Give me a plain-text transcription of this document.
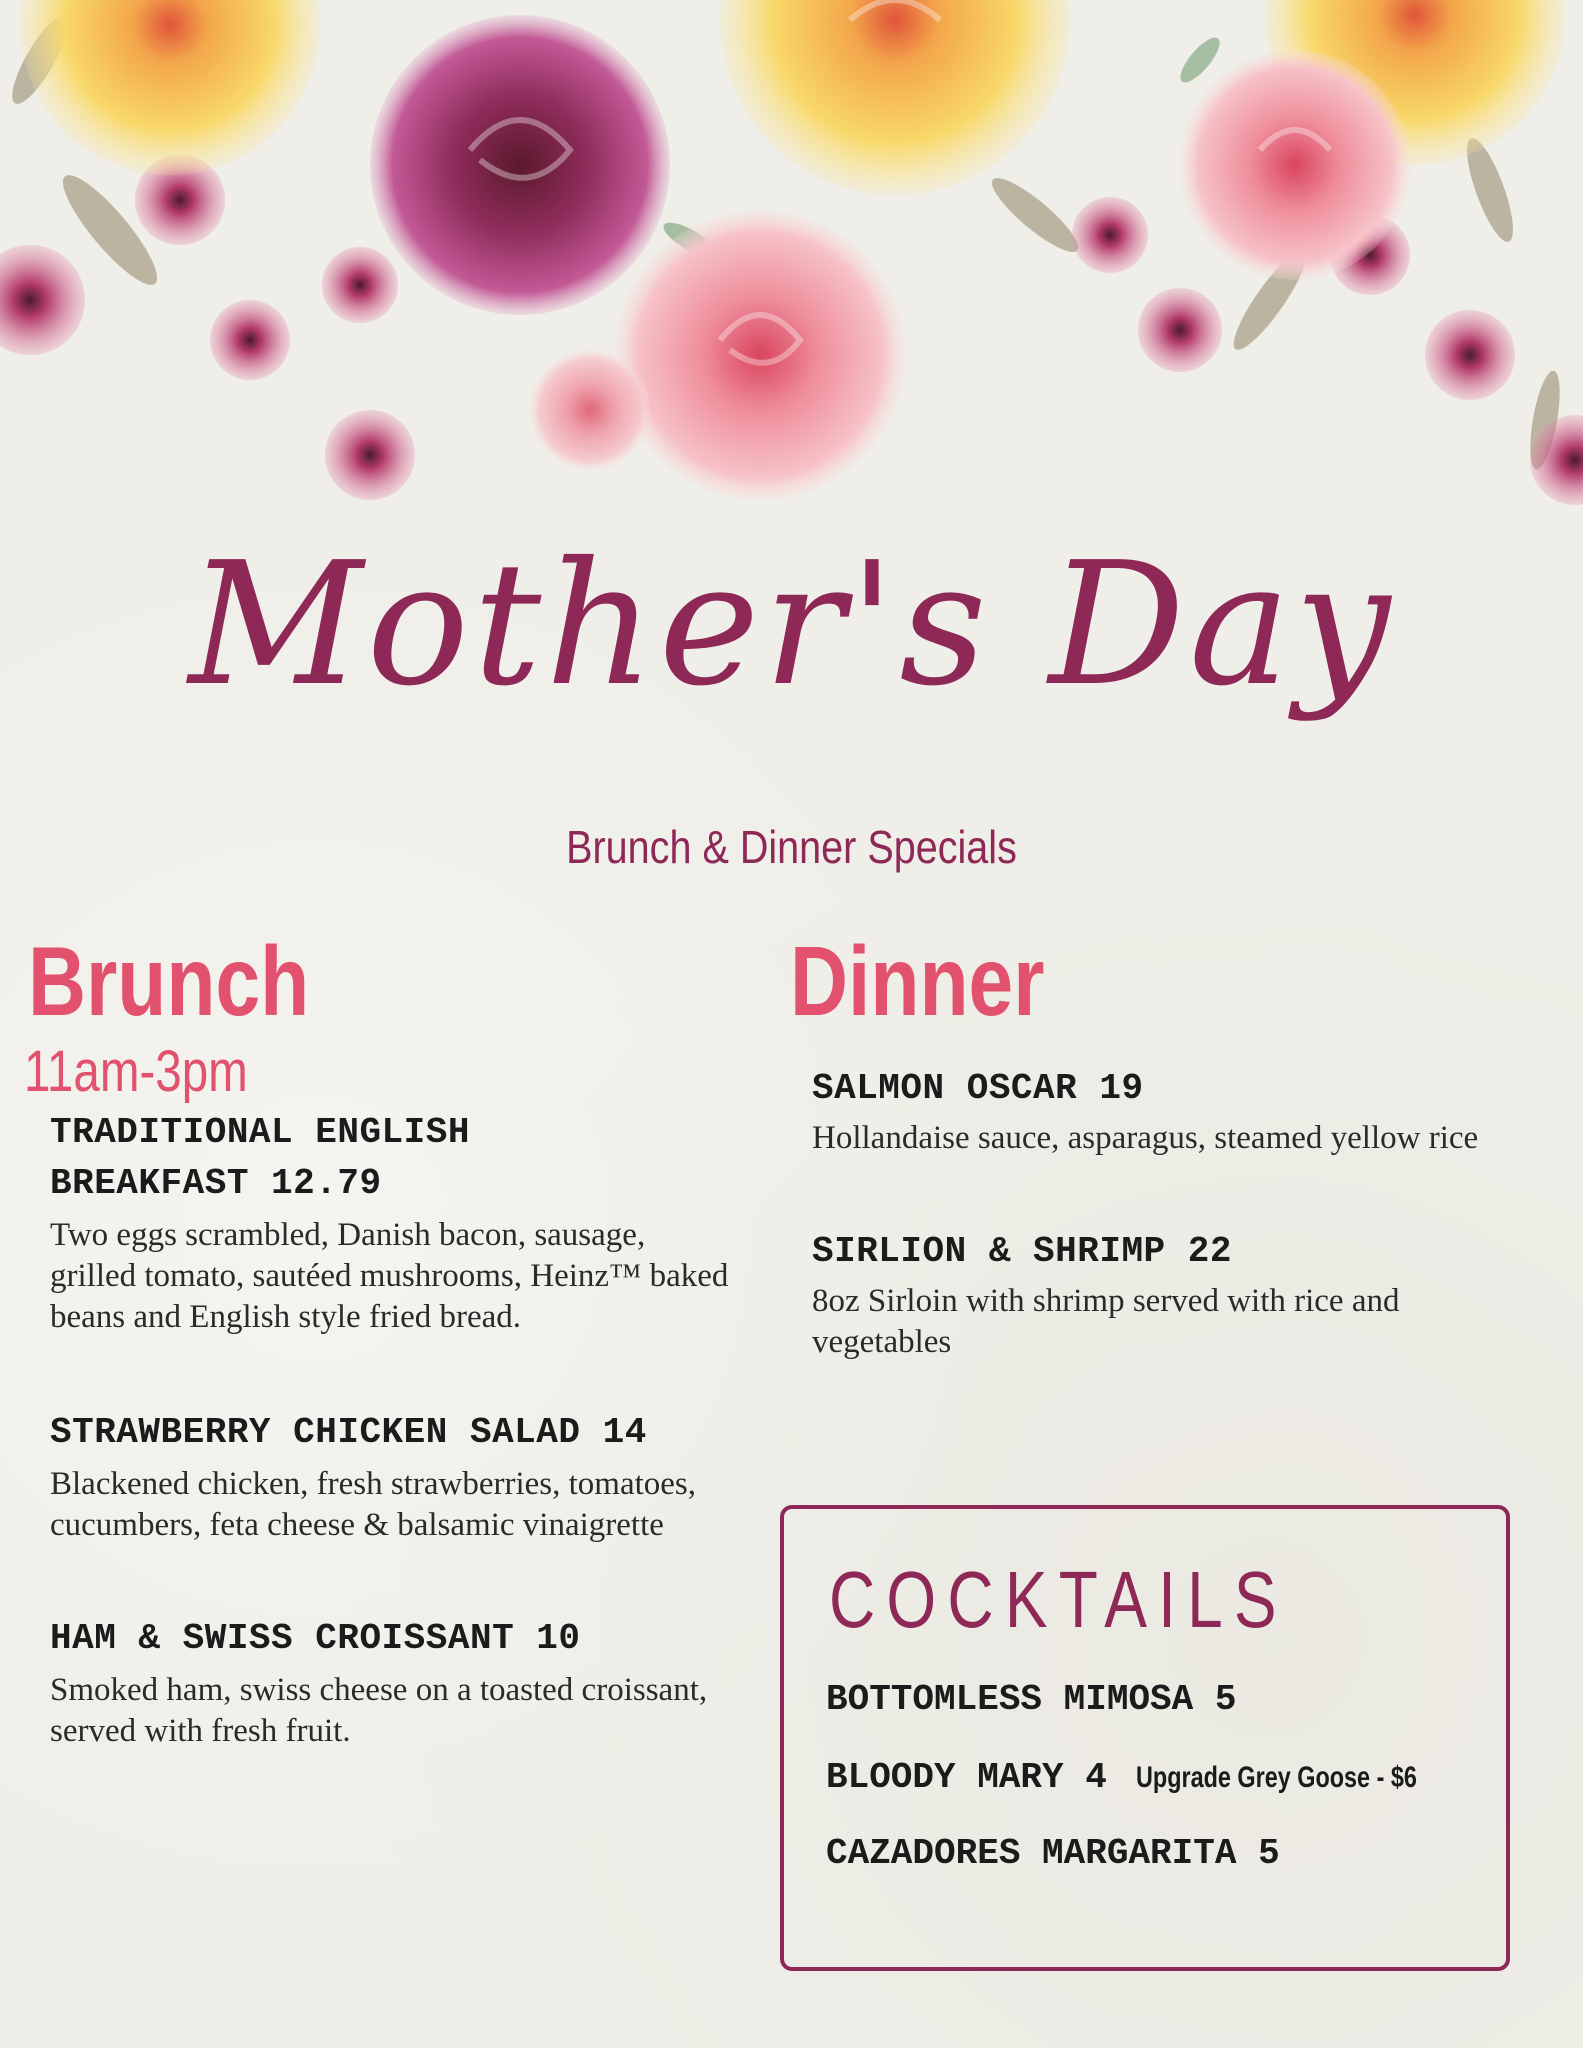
Mother's Day
Brunch & Dinner Specials
Brunch
11am-3pm
TRADITIONAL ENGLISH
BREAKFAST 12.79
Two eggs scrambled, Danish bacon, sausage, grilled tomato, sautéed mushrooms, Heinz™ baked beans and English style fried bread.
STRAWBERRY CHICKEN SALAD 14
Blackened chicken, fresh strawberries, tomatoes, cucumbers, feta cheese & balsamic vinaigrette
HAM & SWISS CROISSANT 10
Smoked ham, swiss cheese on a toasted croissant, served with fresh fruit.
Dinner
SALMON OSCAR 19
Hollandaise sauce, asparagus, steamed yellow rice
SIRLION & SHRIMP 22
8oz Sirloin with shrimp served with rice and vegetables
COCKTAILS
BOTTOMLESS MIMOSA 5
BLOODY MARY 4 Upgrade Grey Goose - $6
CAZADORES MARGARITA 5
